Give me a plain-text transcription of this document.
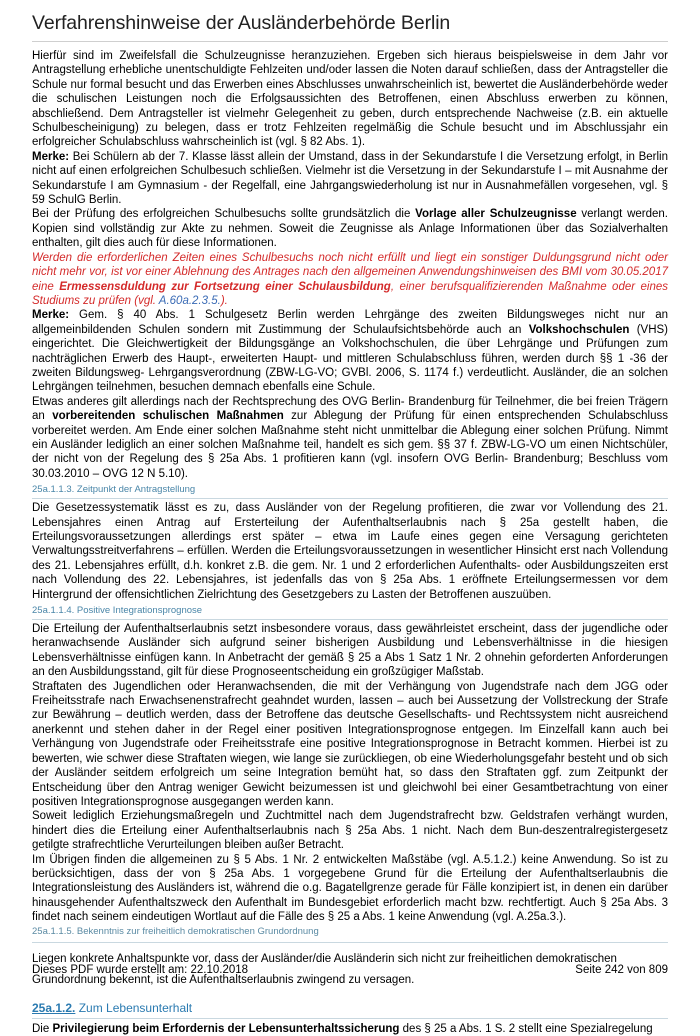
Verfahrenshinweise der Ausländerbehörde Berlin

Hierfür sind im Zweifelsfall die Schulzeugnisse heranzuziehen. Ergeben sich hieraus beispielsweise in dem Jahr vor Antragstellung erhebliche unentschuldigte Fehlzeiten und/oder lassen die Noten darauf schließen, dass der Antragsteller die Schule nur formal besucht und das Erwerben eines Abschlusses unwahrscheinlich ist, bewertet die Ausländerbehörde weder die schulischen Leistungen noch die Erfolgsaussichten des Betroffenen, einen Abschluss erwerben zu können, abschließend. Dem Antragsteller ist vielmehr Gelegenheit zu geben, durch entsprechende Nachweise (z.B. ein aktuelle Schulbescheinigung) zu belegen, dass er trotz Fehlzeiten regelmäßig die Schule besucht und im Abschlussjahr ein erfolgreicher Schulabschluss wahrscheinlich ist (vgl. § 82 Abs. 1).

Merke: Bei Schülern ab der 7. Klasse lässt allein der Umstand, dass in der Sekundarstufe I die Versetzung erfolgt, in Berlin nicht auf einen erfolgreichen Schulbesuch schließen. Vielmehr ist die Versetzung in der Sekundarstufe I – mit Ausnahme der Sekundarstufe I am Gymnasium - der Regelfall, eine Jahrgangswiederholung ist nur in Ausnahmefällen vorgesehen, vgl. § 59 SchulG Berlin.

Bei der Prüfung des erfolgreichen Schulbesuchs sollte grundsätzlich die Vorlage aller Schulzeugnisse verlangt werden. Kopien sind vollständig zur Akte zu nehmen. Soweit die Zeugnisse als Anlage Informationen über das Sozialverhalten enthalten, gilt dies auch für diese Informationen.

Werden die erforderlichen Zeiten eines Schulbesuchs noch nicht erfüllt und liegt ein sonstiger Duldungsgrund nicht oder nicht mehr vor, ist vor einer Ablehnung des Antrages nach den allgemeinen Anwendungshinweisen des BMI vom 30.05.2017 eine Ermessensduldung zur Fortsetzung einer Schulausbildung, einer berufsqualifizierenden Maßnahme oder eines Studiums zu prüfen (vgl. A.60a.2.3.5.).

Merke: Gem. § 40 Abs. 1 Schulgesetz Berlin werden Lehrgänge des zweiten Bildungsweges nicht nur an allgemeinbildenden Schulen sondern mit Zustimmung der Schulaufsichtsbehörde auch an Volkshochschulen (VHS) eingerichtet. Die Gleichwertigkeit der Bildungsgänge an Volkshochschulen, die über Lehrgänge und Prüfungen zum nachträglichen Erwerb des Haupt-, erweiterten Haupt- und mittleren Schulabschluss führen, werden durch §§ 1 -36 der zweiten Bildungsweg- Lehrgangsverordnung (ZBW-LG-VO; GVBl. 2006, S. 1174 f.) verdeutlicht. Ausländer, die an solchen Lehrgängen teilnehmen, besuchen demnach ebenfalls eine Schule.

Etwas anderes gilt allerdings nach der Rechtsprechung des OVG Berlin- Brandenburg für Teilnehmer, die bei freien Trägern an vorbereitenden schulischen Maßnahmen zur Ablegung der Prüfung für einen entsprechenden Schulabschluss vorbereitet werden. Am Ende einer solchen Maßnahme steht nicht unmittelbar die Ablegung einer solchen Prüfung. Nimmt ein Ausländer lediglich an einer solchen Maßnahme teil, handelt es sich gem. §§ 37 f. ZBW-LG-VO um einen Nichtschüler, der nicht von der Regelung des § 25a Abs. 1 profitieren kann (vgl. insofern OVG Berlin- Brandenburg; Beschluss vom 30.03.2010 – OVG 12 N 5.10).

25a.1.1.3. Zeitpunkt der Antragstellung

Die Gesetzessystematik lässt es zu, dass Ausländer von der Regelung profitieren, die zwar vor Vollendung des 21. Lebensjahres einen Antrag auf Ersterteilung der Aufenthaltserlaubnis nach § 25a gestellt haben, die Erteilungsvoraussetzungen allerdings erst später – etwa im Laufe eines gegen eine Versagung gerichteten Verwaltungsstreitverfahrens – erfüllen. Werden die Erteilungsvoraussetzungen in wesentlicher Hinsicht erst nach Vollendung des 21. Lebensjahres erfüllt, d.h. konkret z.B. die gem. Nr. 1 und 2 erforderlichen Aufenthalts- oder Ausbildungszeiten erst nach Vollendung des 22. Lebensjahres, ist jedenfalls das von § 25a Abs. 1 eröffnete Erteilungsermessen vor dem Hintergrund der offensichtlichen Zielrichtung des Gesetzgebers zu Lasten der Betroffenen auszuüben.

25a.1.1.4. Positive Integrationsprognose

Die Erteilung der Aufenthaltserlaubnis setzt insbesondere voraus, dass gewährleistet erscheint, dass der jugendliche oder heranwachsende Ausländer sich aufgrund seiner bisherigen Ausbildung und Lebensverhältnisse in die hiesigen Lebensverhältnisse einfügen kann. In Anbetracht der gemäß § 25 a Abs 1 Satz 1 Nr. 2 ohnehin geforderten Anforderungen an den Ausbildungsstand, gilt für diese Prognoseentscheidung ein großzügiger Maßstab.

Straftaten des Jugendlichen oder Heranwachsenden, die mit der Verhängung von Jugendstrafe nach dem JGG oder Freiheitsstrafe nach Erwachsenenstrafrecht geahndet wurden, lassen – auch bei Aussetzung der Vollstreckung der Strafe zur Bewährung – deutlich werden, dass der Betroffene das deutsche Gesellschafts- und Rechtssystem nicht ausreichend anerkennt und stehen daher in der Regel einer positiven Integrationsprognose entgegen. Im Einzelfall kann auch bei Verhängung von Jugendstrafe oder Freiheitsstrafe eine positive Integrationsprognose in Betracht kommen. Hierbei ist zu bewerten, wie schwer diese Straftaten wiegen, wie lange sie zurückliegen, ob eine Wiederholungsgefahr besteht und ob sich der Ausländer seitdem erfolgreich um seine Integration bemüht hat, so dass den Straftaten ggf. zum Zeitpunkt der Entscheidung über den Antrag weniger Gewicht beizumessen ist und gleichwohl bei einer Gesamtbetrachtung von einer positiven Integrationsprognose ausgegangen werden kann.

Soweit lediglich Erziehungsmaßregeln und Zuchtmittel nach dem Jugendstrafrecht bzw. Geldstrafen verhängt wurden, hindert dies die Erteilung einer Aufenthaltserlaubnis nach § 25a Abs. 1 nicht. Nach dem Bun-deszentralregistergesetz getilgte strafrechtliche Verurteilungen bleiben außer Betracht.

Im Übrigen finden die allgemeinen zu § 5 Abs. 1 Nr. 2 entwickelten Maßstäbe (vgl. A.5.1.2.) keine Anwendung. So ist zu berücksichtigen, dass der von § 25a Abs. 1 vorgegebene Grund für die Erteilung der Aufenthaltserlaubnis die Integrationsleistung des Ausländers ist, während die o.g. Bagatellgrenze gerade für Fälle konzipiert ist, in denen ein darüber hinausgehender Aufenthaltszweck den Aufenthalt im Bundesgebiet erforderlich macht bzw. rechtfertigt. Auch § 25a Abs. 3 findet nach seinem eindeutigen Wortlaut auf die Fälle des § 25 a Abs. 1 keine Anwendung (vgl. A.25a.3.).

25a.1.1.5. Bekenntnis zur freiheitlich demokratischen Grundordnung

Liegen konkrete Anhaltspunkte vor, dass der Ausländer/die Ausländerin sich nicht zur freiheitlichen demokratischen Grundordnung bekennt, ist die Aufenthaltserlaubnis zwingend zu versagen.

25a.1.2. Zum Lebensunterhalt

Die Privilegierung beim Erfordernis der Lebensunterhaltssicherung des § 25 a Abs. 1 S. 2 stellt eine Spezialregelung

Dieses PDF wurde erstellt am: 22.10.2018	Seite 242 von 809
